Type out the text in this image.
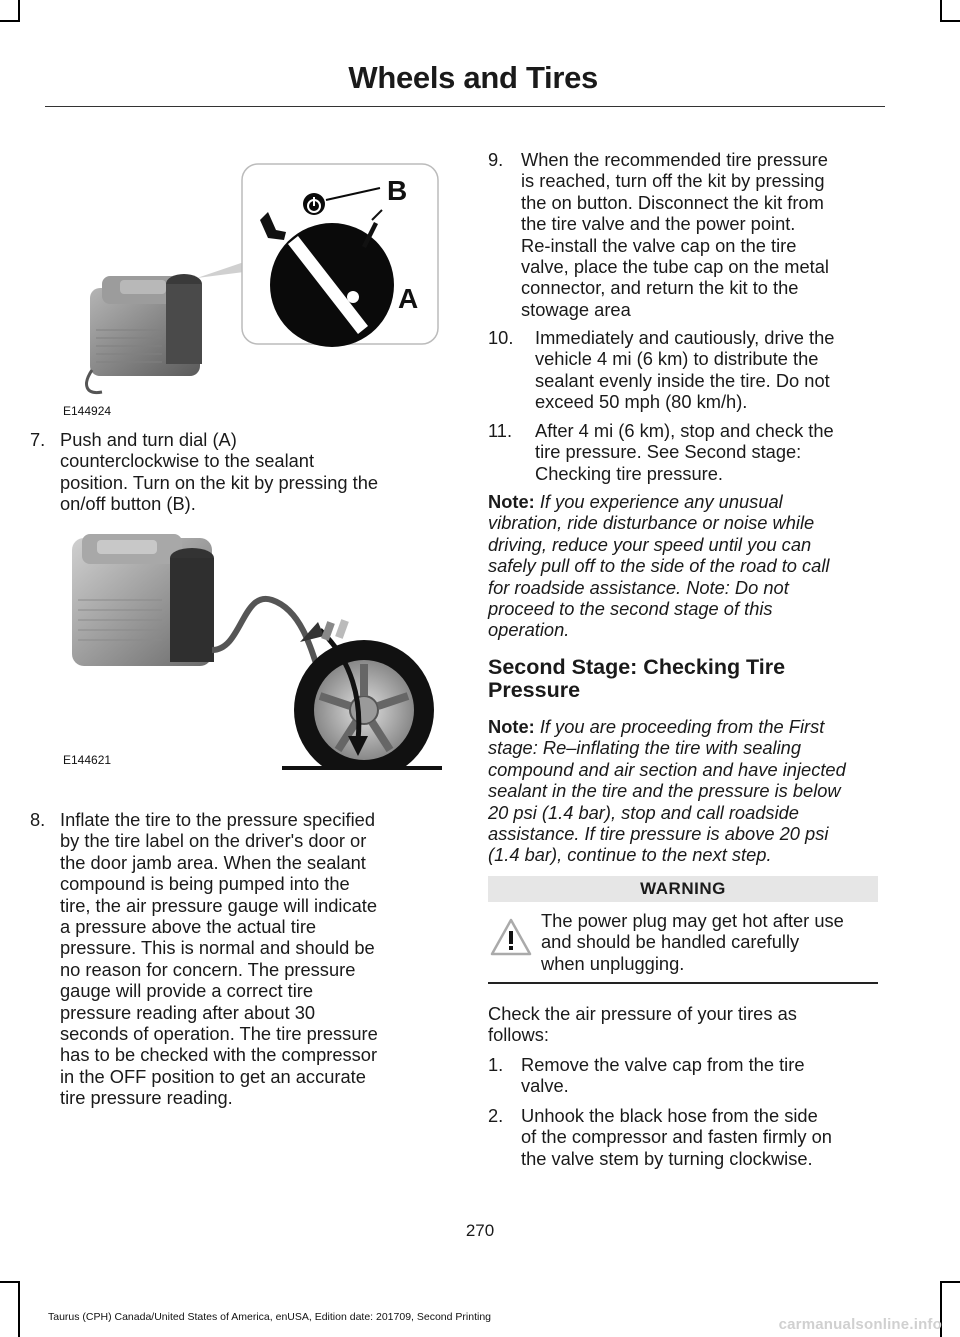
Wheels and Tires
B
A
E144924
7. Push and turn dial (A)
counterclockwise to the sealant
position. Turn on the kit by pressing the
on/off button (B).
E144621
8. Inflate the tire to the pressure specified
by the tire label on the driver's door or
the door jamb area. When the sealant
compound is being pumped into the
tire, the air pressure gauge will indicate
a pressure above the actual tire
pressure. This is normal and should be
no reason for concern. The pressure
gauge will provide a correct tire
pressure reading after about 30
seconds of operation. The tire pressure
has to be checked with the compressor
in the OFF position to get an accurate
tire pressure reading.
9. When the recommended tire pressure
is reached, turn off the kit by pressing
the on button. Disconnect the kit from
the tire valve and the power point.
Re-install the valve cap on the tire
valve, place the tube cap on the metal
connector, and return the kit to the
stowage area
10. Immediately and cautiously, drive the
vehicle 4 mi (6 km) to distribute the
sealant evenly inside the tire. Do not
exceed 50 mph (80 km/h).
11. After 4 mi (6 km), stop and check the
tire pressure. See Second stage:
Checking tire pressure.
Note: If you experience any unusual
vibration, ride disturbance or noise while
driving, reduce your speed until you can
safely pull off to the side of the road to call
for roadside assistance. Note: Do not
proceed to the second stage of this
operation.
Second Stage: Checking Tire
Pressure
Note: If you are proceeding from the First
stage: Re–inflating the tire with sealing
compound and air section and have injected
sealant in the tire and the pressure is below
20 psi (1.4 bar), stop and call roadside
assistance. If tire pressure is above 20 psi
(1.4 bar), continue to the next step.
WARNING
The power plug may get hot after use
and should be handled carefully
when unplugging.
Check the air pressure of your tires as
follows:
1. Remove the valve cap from the tire
valve.
2. Unhook the black hose from the side
of the compressor and fasten firmly on
the valve stem by turning clockwise.
270
Taurus (CPH) Canada/United States of America, enUSA, Edition date: 201709, Second Printing	carmanualsonline.info
